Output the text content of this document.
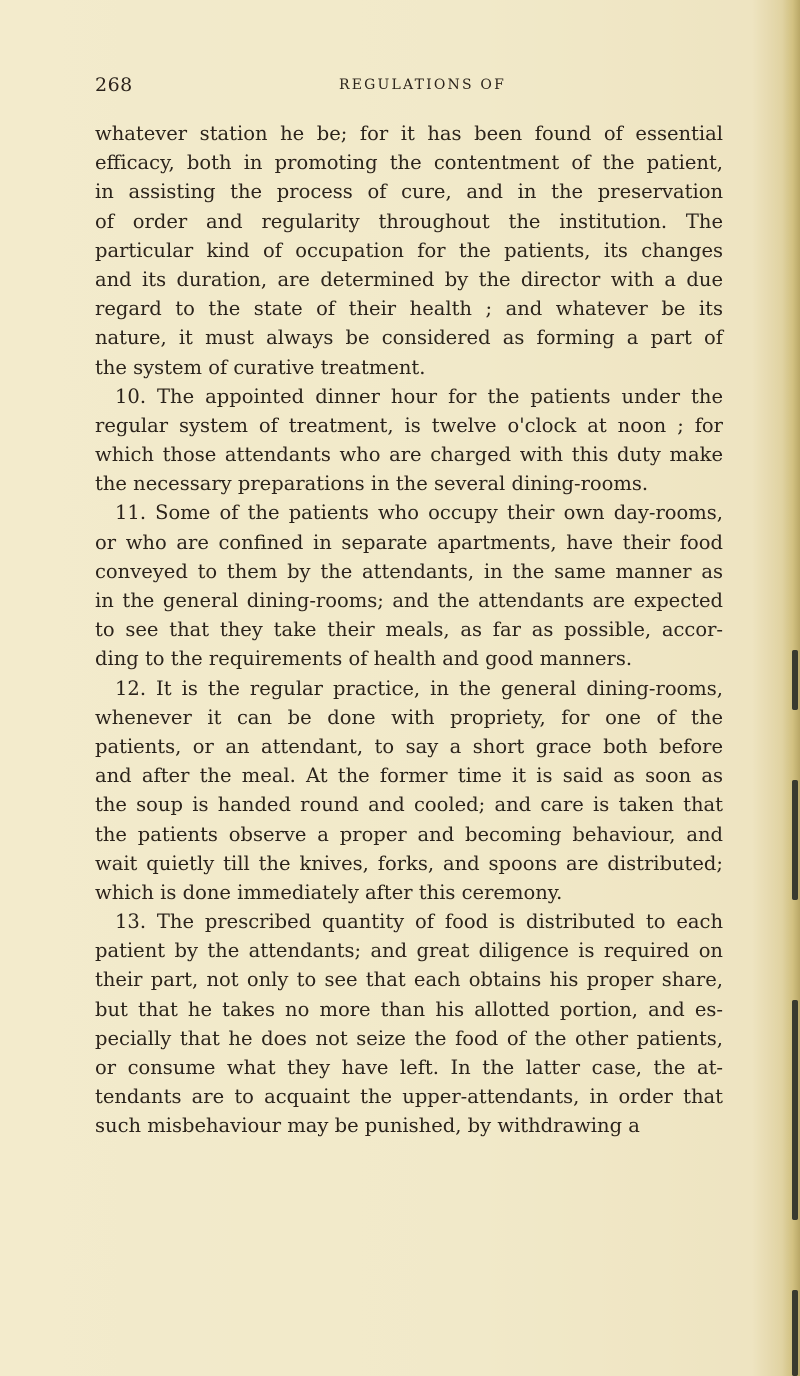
268	REGULATIONS OF
whatever station he be; for it has been found of essential
efficacy, both in promoting the contentment of the patient,
in assisting the process of cure, and in the preservation
of order and regularity throughout the institution. The
particular kind of occupation for the patients, its changes
and its duration, are determined by the director with a due
regard to the state of their health ; and whatever be its
nature, it must always be considered as forming a part of
the system of curative treatment.
10. The appointed dinner hour for the patients under the
regular system of treatment, is twelve o'clock at noon ; for
which those attendants who are charged with this duty make
the necessary preparations in the several dining-rooms.
11. Some of the patients who occupy their own day-rooms,
or who are confined in separate apartments, have their food
conveyed to them by the attendants, in the same manner as
in the general dining-rooms; and the attendants are expected
to see that they take their meals, as far as possible, accor-
ding to the requirements of health and good manners.
12. It is the regular practice, in the general dining-rooms,
whenever it can be done with propriety, for one of the
patients, or an attendant, to say a short grace both before
and after the meal. At the former time it is said as soon as
the soup is handed round and cooled; and care is taken that
the patients observe a proper and becoming behaviour, and
wait quietly till the knives, forks, and spoons are distributed;
which is done immediately after this ceremony.
13. The prescribed quantity of food is distributed to each
patient by the attendants; and great diligence is required on
their part, not only to see that each obtains his proper share,
but that he takes no more than his allotted portion, and es-
pecially that he does not seize the food of the other patients,
or consume what they have left. In the latter case, the at-
tendants are to acquaint the upper-attendants, in order that
such misbehaviour may be punished, by withdrawing a
